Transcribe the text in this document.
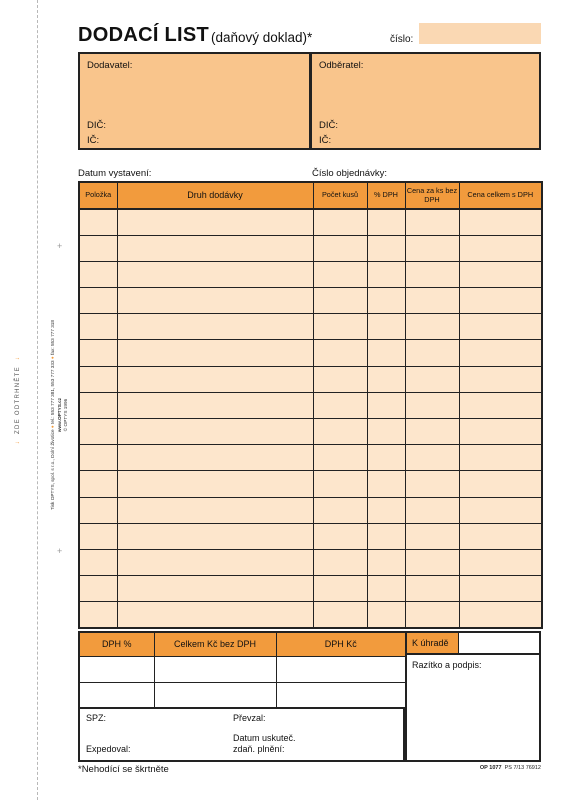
↓  ZDE ODTRHNĚTE  ↓
+
+
Tisk OPTYS, spol. s r.o., Dolní Životice ● tel.: 553 777 381, 553 777 333 ● fax: 553 777 318
www.OPTYS.cz © OPTYS 1996
DODACÍ LIST (daňový doklad)*	číslo:
Dodavatel:
DIČ:
IČ:
Odběratel:
DIČ:
IČ:
Datum vystavení:	Číslo objednávky:
Položka	Druh dodávky	Počet kusů	% DPH	Cena za ks bez DPH	Cena celkem s DPH

DPH %	Celkem Kč bez DPH	DPH Kč

			K úhradě
Razítko a podpis:
SPZ:
Expedoval:
Převzal:
Datum uskuteč.
zdaň. plnění:
*Nehodící se škrtněte	OP 1077 PS 7/13 76912
